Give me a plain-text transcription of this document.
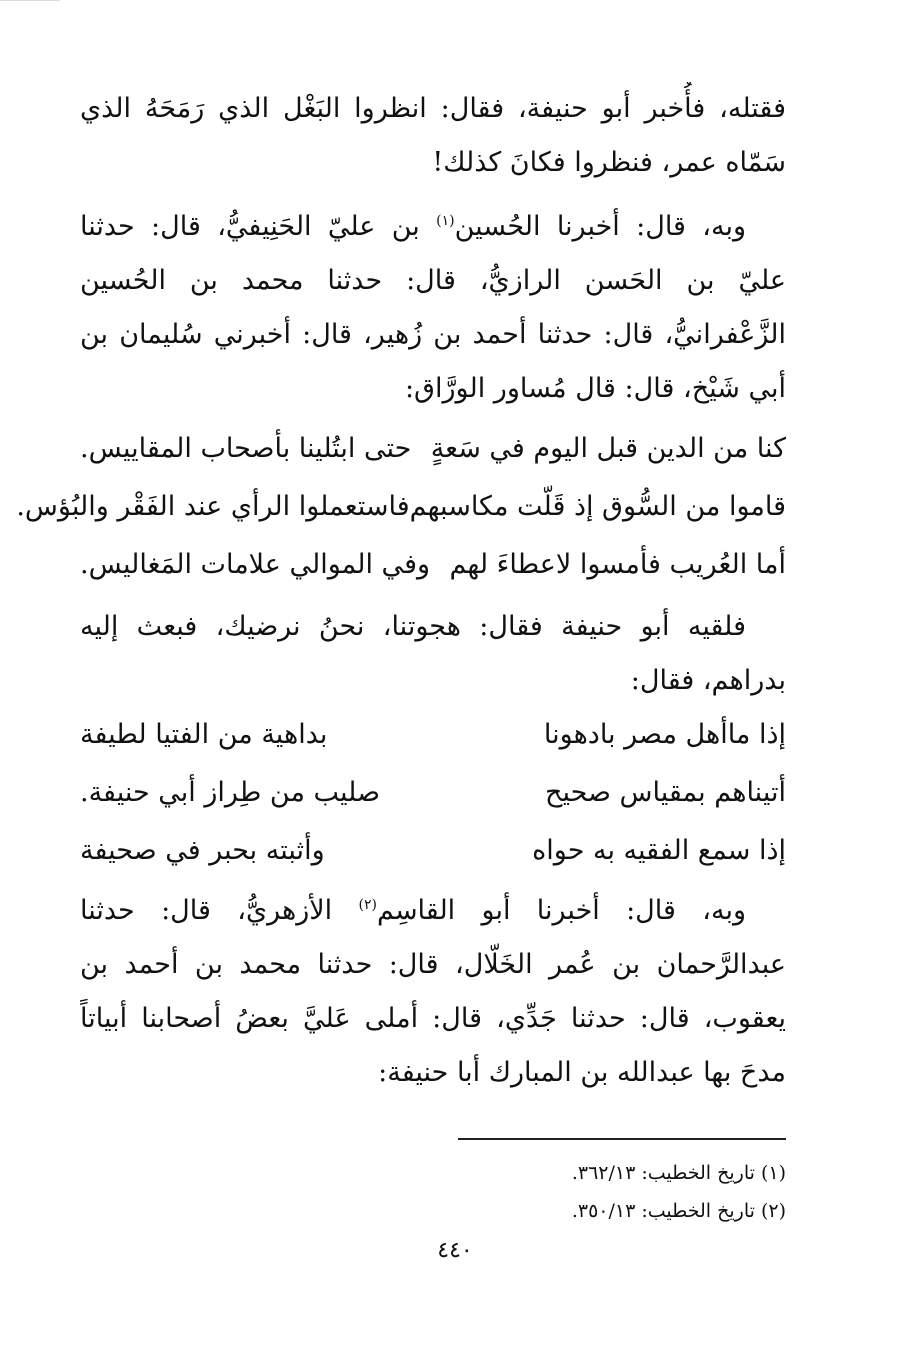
فقتله، فأُخبر أبو حنيفة، فقال: انظروا البَغْل الذي رَمَحَهُ الذي
سَمّاه عمر، فنظروا فكانَ كذلك!
وبه، قال: أخبرنا الحُسين$^{(١)}$ بن عليّ الحَنِيفيُّ، قال: حدثنا
عليّ بن الحَسن الرازيُّ، قال: حدثنا محمد بن الحُسين
الزَّعْفرانيُّ، قال: حدثنا أحمد بن زُهير، قال: أخبرني سُليمان بن
أبي شَيْخ، قال: قال مُساور الورَّاق:
كنا من الدين قبل اليوم في سَعةٍ
حتى ابتُلينا بأصحاب المقاييس.
قاموا من السُّوق إذ قَلّت مكاسبهم
فاستعملوا الرأي عند الفَقْر والبُؤس.
أما العُريب فأمسوا لاعطاءَ لهم
وفي الموالي علامات المَغاليس.
فلقيه أبو حنيفة فقال: هجوتنا، نحنُ نرضيك، فبعث إليه
بدراهم، فقال:
إذا ماأهل مصر بادهونا
بداهية من الفتيا لطيفة
أتيناهم بمقياس صحيح
صليب من طِراز أبي حنيفة.
إذا سمع الفقيه به حواه
وأثبته بحبر في صحيفة
وبه، قال: أخبرنا أبو القاسِم$^{(٢)}$ الأزهريُّ، قال: حدثنا
عبدالرَّحمان بن عُمر الخَلّال، قال: حدثنا محمد بن أحمد بن
يعقوب، قال: حدثنا جَدِّي، قال: أملى عَليَّ بعضُ أصحابنا أبياتاً
مدحَ بها عبدالله بن المبارك أبا حنيفة:
(١) تاريخ الخطيب: ٣٦٢/١٣.
(٢) تاريخ الخطيب: ٣٥٠/١٣.
٤٤٠
